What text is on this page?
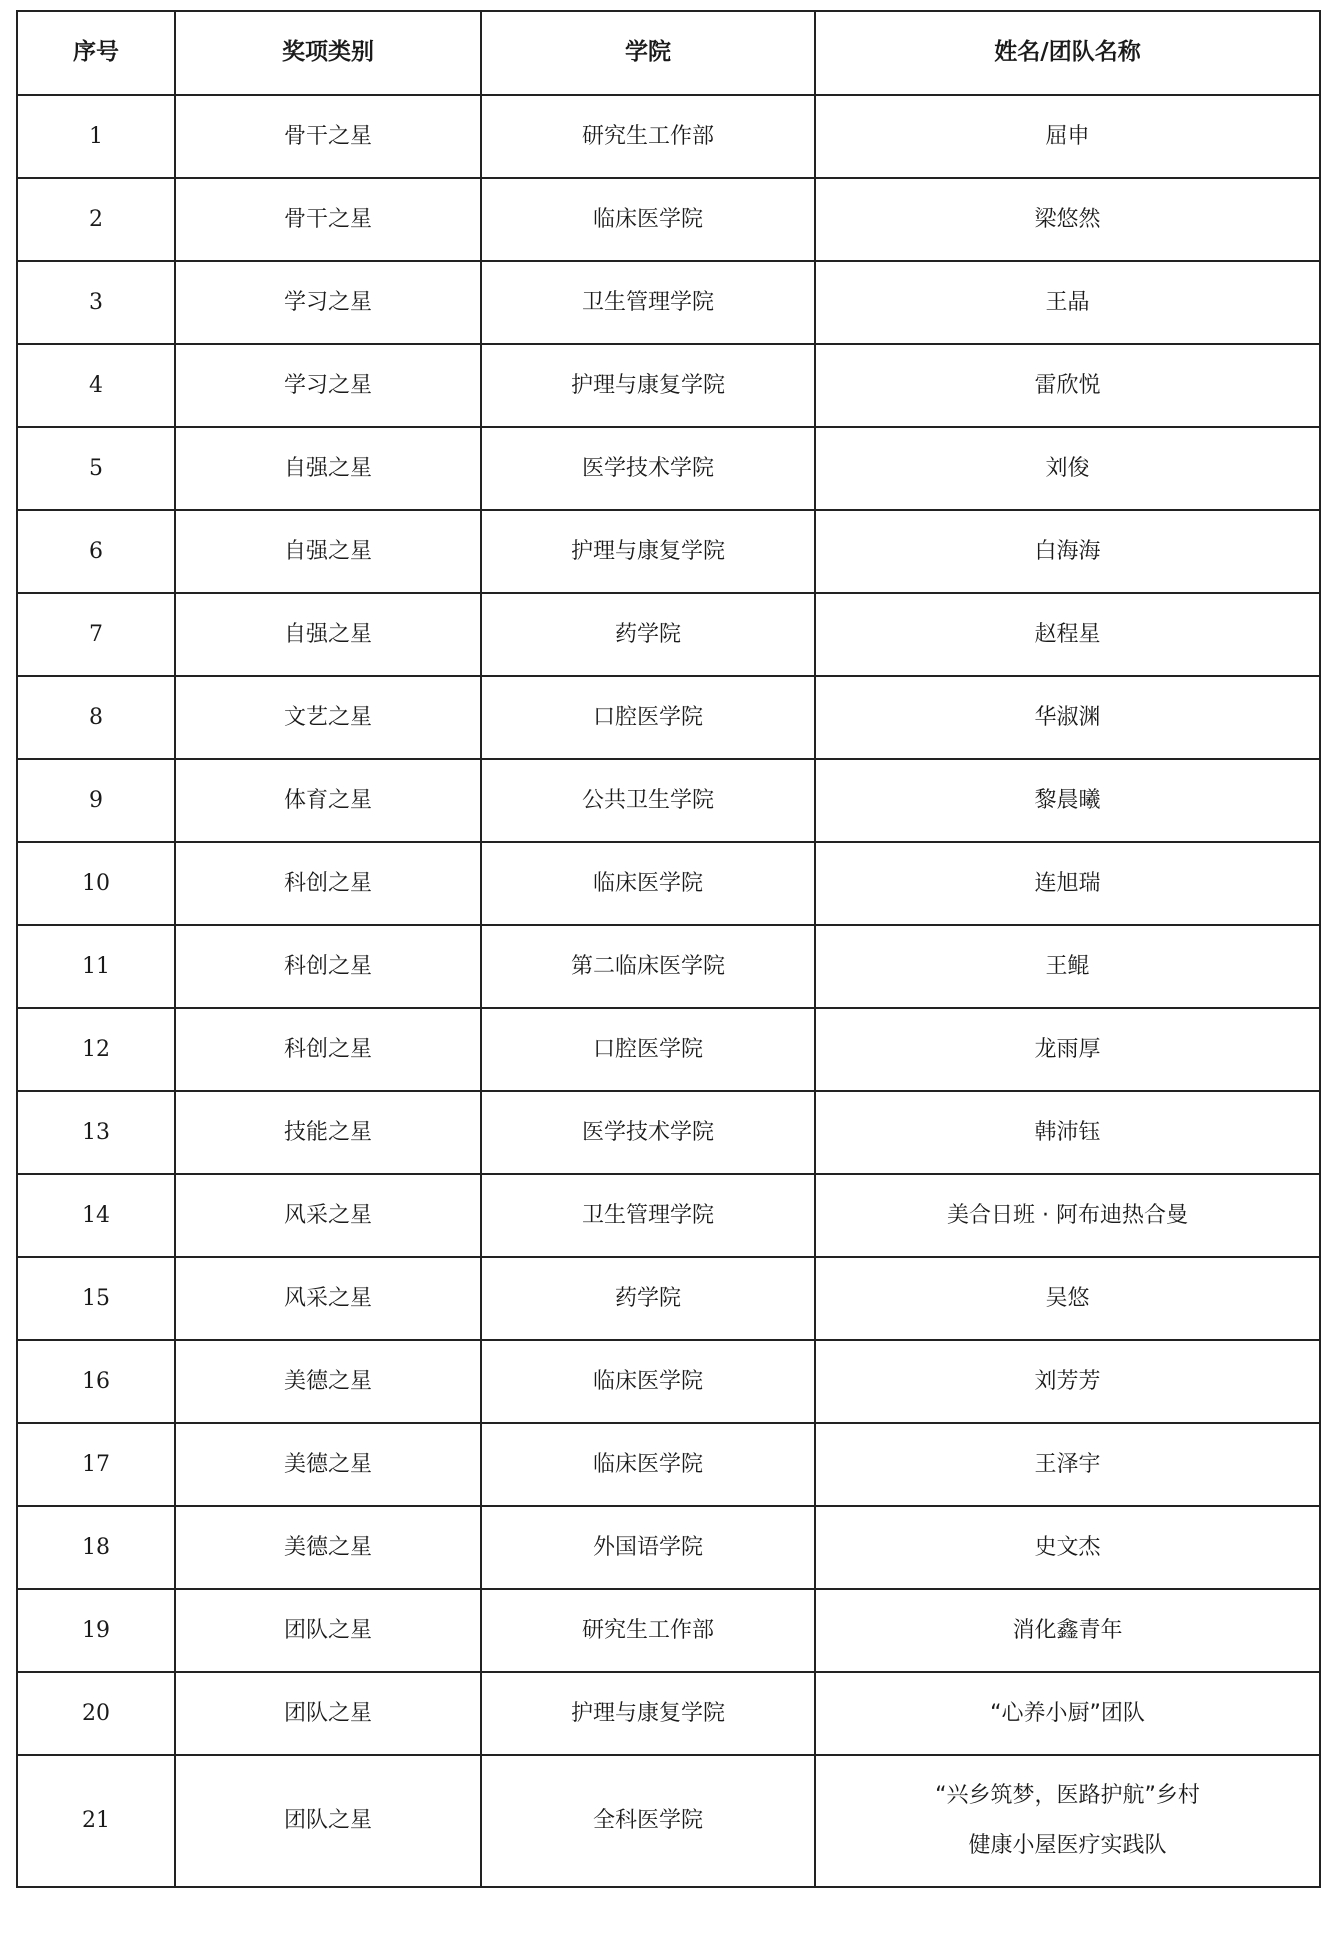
序号	奖项类别	学院	姓名/团队名称
1	骨干之星	研究生工作部	屈申
2	骨干之星	临床医学院	梁悠然
3	学习之星	卫生管理学院	王晶
4	学习之星	护理与康复学院	雷欣悦
5	自强之星	医学技术学院	刘俊
6	自强之星	护理与康复学院	白海海
7	自强之星	药学院	赵程星
8	文艺之星	口腔医学院	华淑渊
9	体育之星	公共卫生学院	黎晨曦
10	科创之星	临床医学院	连旭瑞
11	科创之星	第二临床医学院	王鲲
12	科创之星	口腔医学院	龙雨厚
13	技能之星	医学技术学院	韩沛钰
14	风采之星	卫生管理学院	美合日班 · 阿布迪热合曼
15	风采之星	药学院	吴悠
16	美德之星	临床医学院	刘芳芳
17	美德之星	临床医学院	王泽宇
18	美德之星	外国语学院	史文杰
19	团队之星	研究生工作部	消化鑫青年
20	团队之星	护理与康复学院	“心养小厨”团队
21	团队之星	全科医学院	“兴乡筑梦，医路护航”乡村
健康小屋医疗实践队
